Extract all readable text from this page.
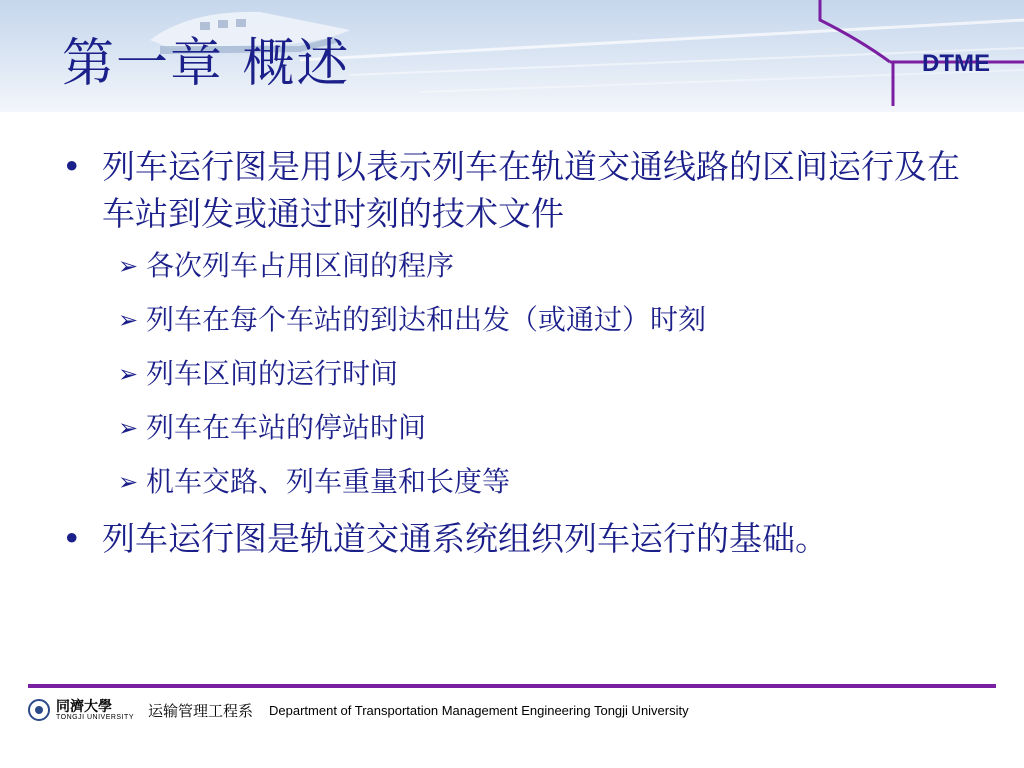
第一章 概述	DTME
• 列车运行图是用以表示列车在轨道交通线路的区间运行及在车站到发或通过时刻的技术文件
➢ 各次列车占用区间的程序
➢ 列车在每个车站的到达和出发（或通过）时刻
➢ 列车区间的运行时间
➢ 列车在车站的停站时间
➢ 机车交路、列车重量和长度等
• 列车运行图是轨道交通系统组织列车运行的基础。
同濟大學
TONGJI UNIVERSITY 运输管理工程系 Department of Transportation Management Engineering Tongji University
